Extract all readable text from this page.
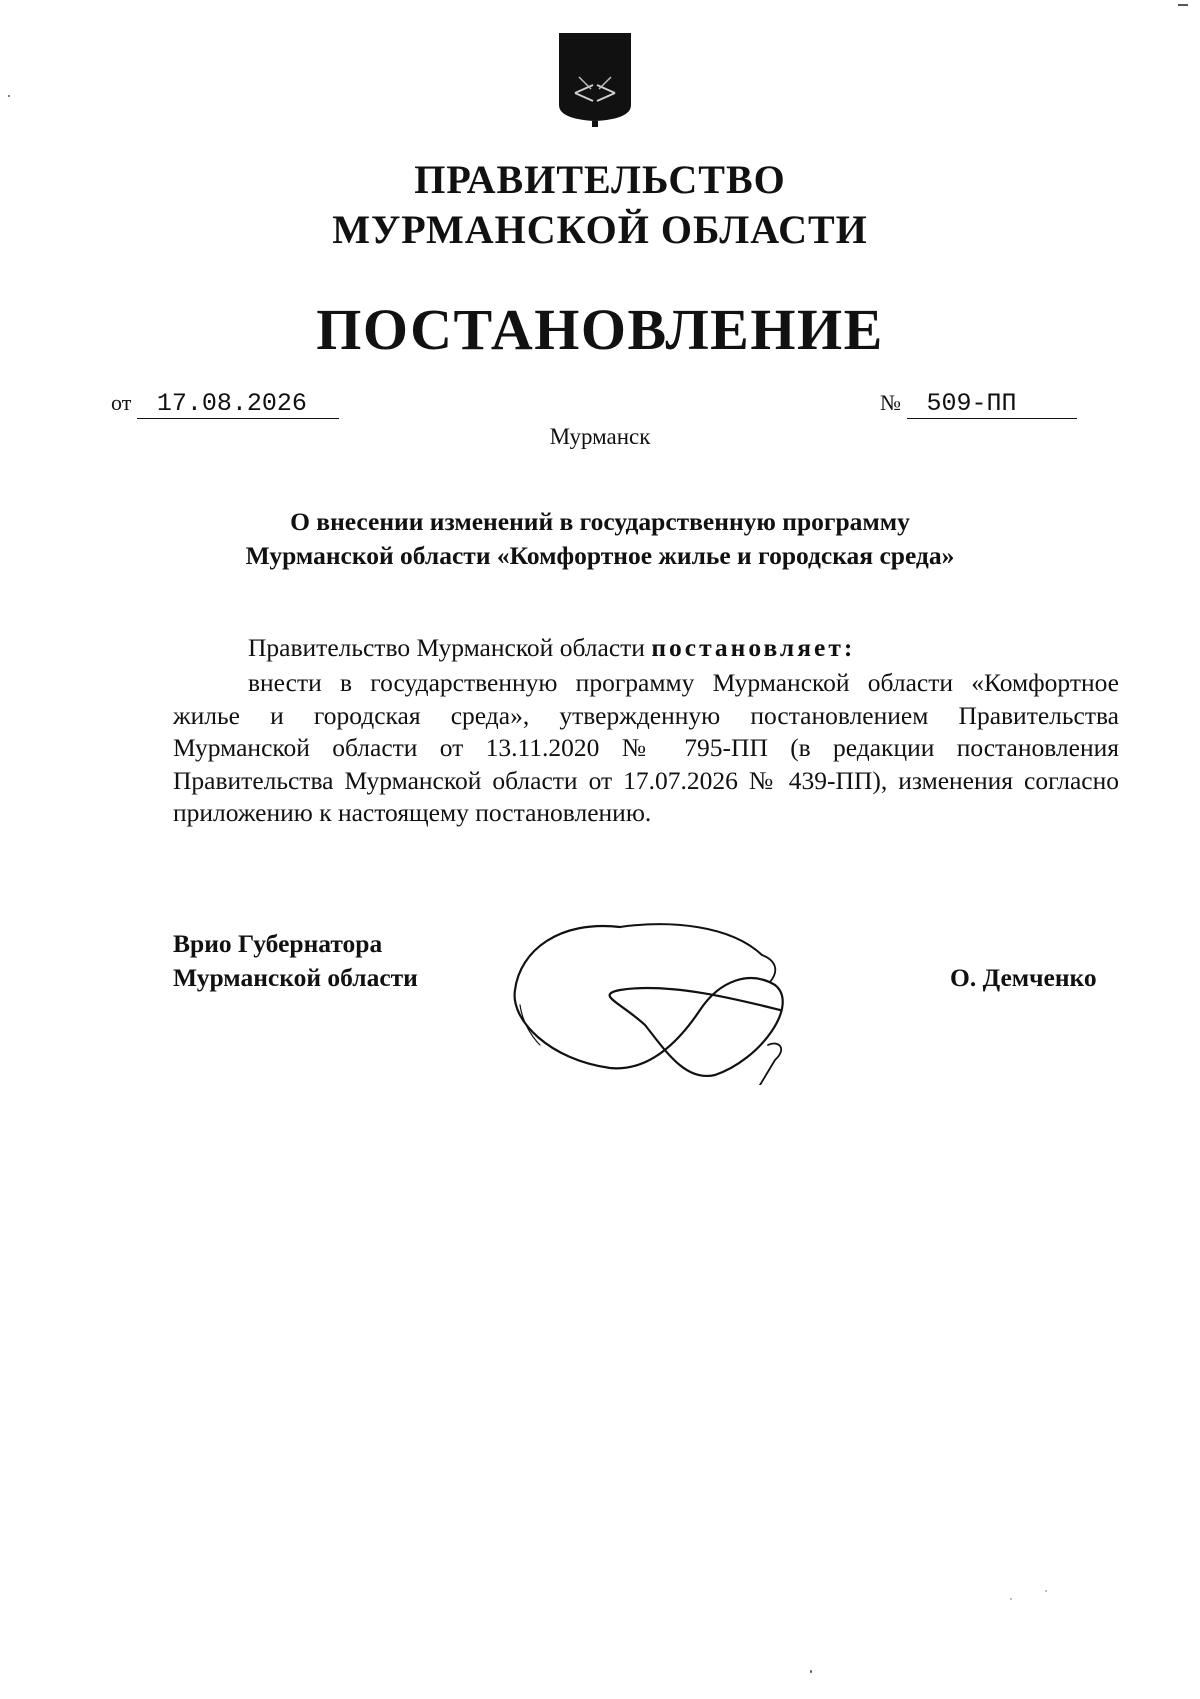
ПРАВИТЕЛЬСТВО
МУРМАНСКОЙ ОБЛАСТИ
ПОСТАНОВЛЕНИЕ
от 17.08.2026	№ 509-ПП
Мурманск
О внесении изменений в государственную программу
Мурманской области «Комфортное жилье и городская среда»
Правительство Мурманской области постановляет:
внести в государственную программу Мурманской области «Комфортное жилье и городская среда», утвержденную постановлением Правительства Мурманской области от 13.11.2020 № 795-ПП (в редакции постановления Правительства Мурманской области от 17.07.2026 № 439-ПП), изменения согласно приложению к настоящему постановлению.
Врио Губернатора
Мурманской области	О. Демченко
